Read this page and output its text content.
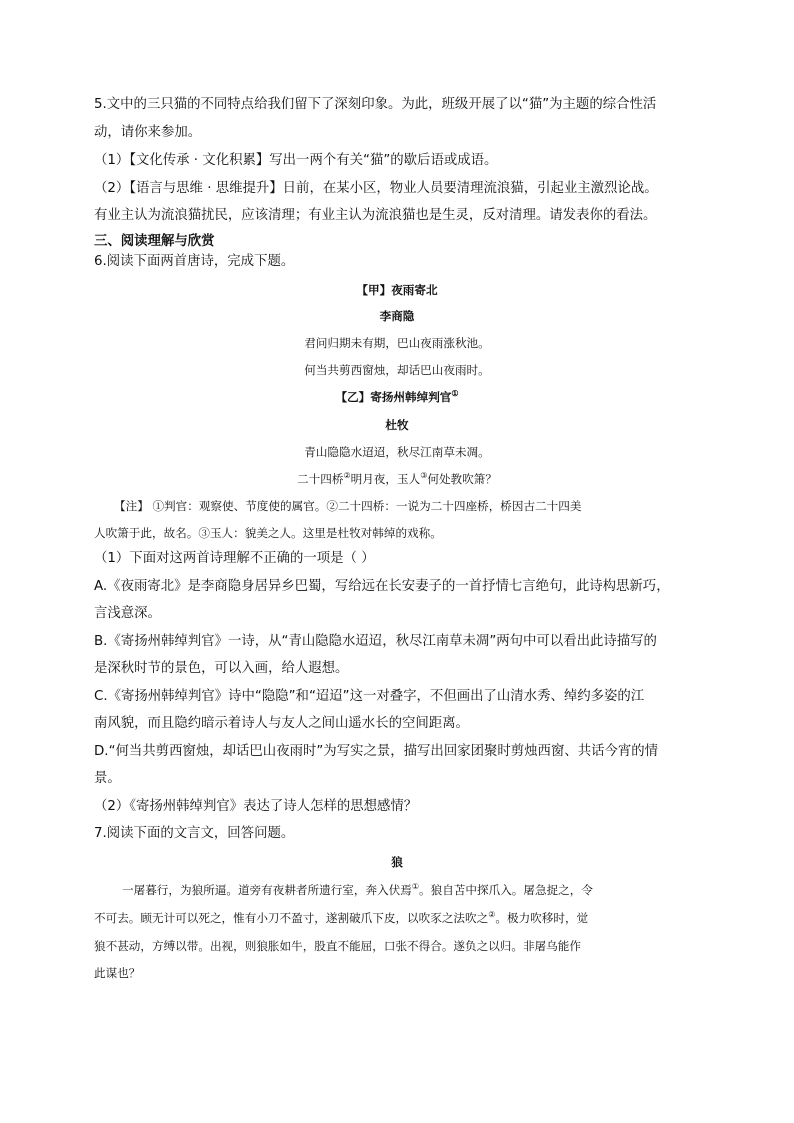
5.文中的三只猫的不同特点给我们留下了深刻印象。为此，班级开展了以“猫”为主题的综合性活
动，请你来参加。
（1）【文化传承 · 文化积累】写出一两个有关“猫”的歇后语或成语。
（2）【语言与思维 · 思维提升】日前，在某小区，物业人员要清理流浪猫，引起业主激烈论战。
有业主认为流浪猫扰民，应该清理；有业主认为流浪猫也是生灵，反对清理。请发表你的看法。
三、阅读理解与欣赏
6.阅读下面两首唐诗，完成下题。
【甲】夜雨寄北
李商隐
君问归期未有期，巴山夜雨涨秋池。
何当共剪西窗烛，却话巴山夜雨时。
【乙】寄扬州韩绰判官①
杜牧
青山隐隐水迢迢，秋尽江南草未凋。
二十四桥②明月夜，玉人③何处教吹箫？
【注】 ①判官：观察使、节度使的属官。②二十四桥：一说为二十四座桥，桥因古二十四美
人吹箫于此，故名。③玉人：貌美之人。这里是杜牧对韩绰的戏称。
（1）下面对这两首诗理解不正确的一项是（ ）
A.《夜雨寄北》是李商隐身居异乡巴蜀，写给远在长安妻子的一首抒情七言绝句，此诗构思新巧，
言浅意深。
B.《寄扬州韩绰判官》一诗，从“青山隐隐水迢迢，秋尽江南草未凋”两句中可以看出此诗描写的
是深秋时节的景色，可以入画，给人遐想。
C.《寄扬州韩绰判官》诗中“隐隐”和“迢迢”这一对叠字，不但画出了山清水秀、绰约多姿的江
南风貌，而且隐约暗示着诗人与友人之间山遥水长的空间距离。
D.“何当共剪西窗烛，却话巴山夜雨时”为写实之景，描写出回家团聚时剪烛西窗、共话今宵的情
景。
（2）《寄扬州韩绰判官》表达了诗人怎样的思想感情？
7.阅读下面的文言文，回答问题。
狼
一屠暮行，为狼所逼。道旁有夜耕者所遗行室，奔入伏焉①。狼自苫中探爪入。屠急捉之，令
不可去。顾无计可以死之，惟有小刀不盈寸，遂割破爪下皮，以吹豕之法吹之②。极力吹移时，觉
狼不甚动，方缚以带。出视，则狼胀如牛，股直不能屈，口张不得合。遂负之以归。非屠乌能作
此谋也？
